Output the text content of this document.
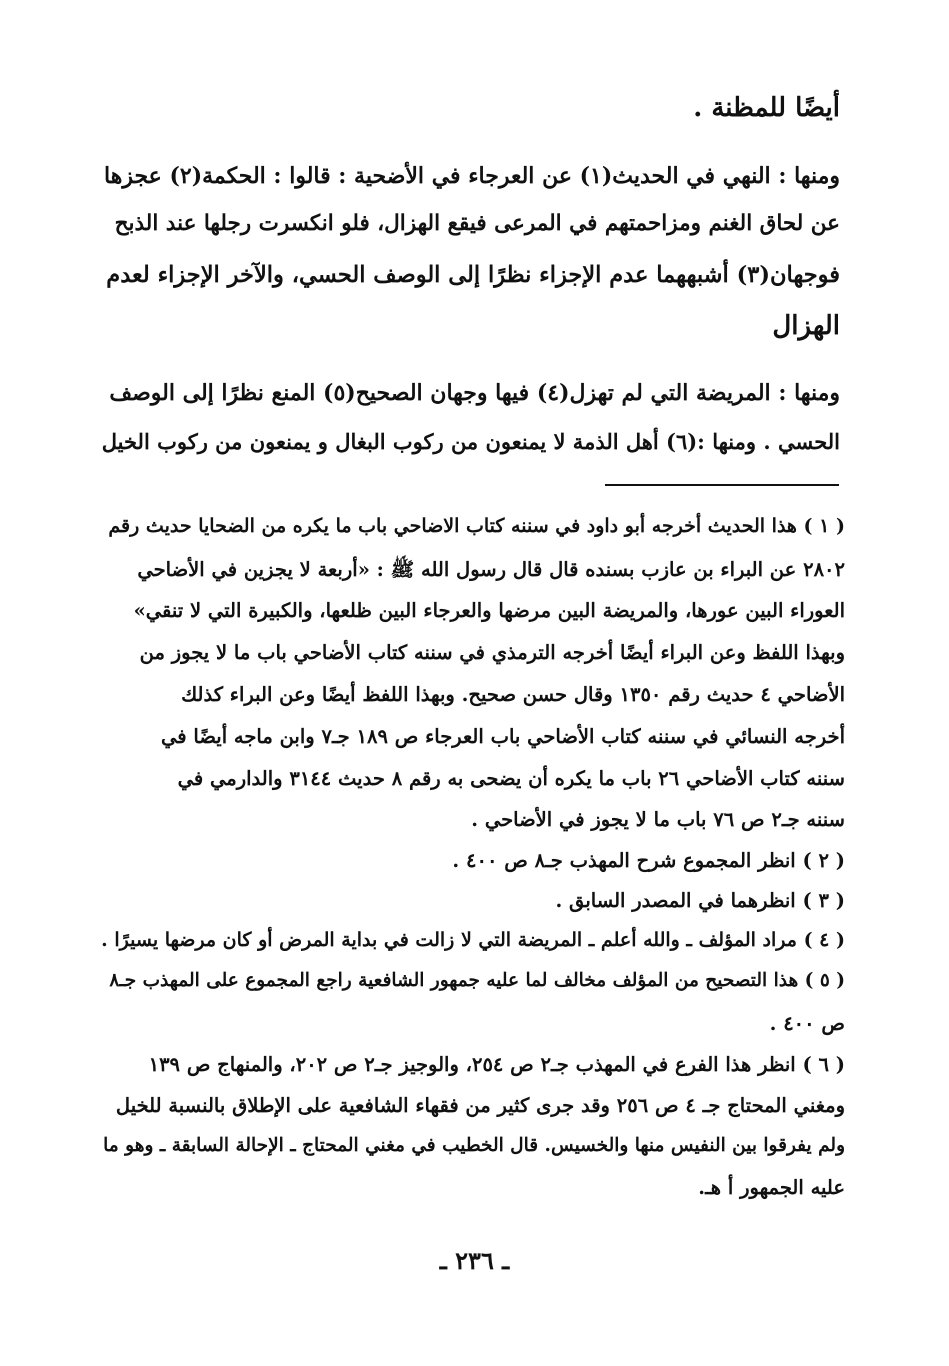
أيضًا للمظنة .
ومنها : النهي في الحديث(١) عن العرجاء في الأضحية : قالوا : الحكمة(٢) عجزها
عن لحاق الغنم ومزاحمتهم في المرعى فيقع الهزال، فلو انكسرت رجلها عند الذبح
فوجهان(٣) أشبههما عدم الإجزاء نظرًا إلى الوصف الحسي، والآخر الإجزاء لعدم
الهزال
ومنها : المريضة التي لم تهزل(٤) فيها وجهان الصحيح(٥) المنع نظرًا إلى الوصف
الحسي . ومنها :(٦) أهل الذمة لا يمنعون من ركوب البغال و يمنعون من ركوب الخيل
( ١ ) هذا الحديث أخرجه أبو داود في سننه كتاب الاضاحي باب ما يكره من الضحايا حديث رقم
٢٨٠٢ عن البراء بن عازب بسنده قال قال رسول الله ﷺ : «أربعة لا يجزين في الأضاحي
العوراء البين عورها، والمريضة البين مرضها والعرجاء البين ظلعها، والكبيرة التي لا تنقي»
وبهذا اللفظ وعن البراء أيضًا أخرجه الترمذي في سننه كتاب الأضاحي باب ما لا يجوز من
الأضاحي ٤ حديث رقم ١٣٥٠ وقال حسن صحيح. وبهذا اللفظ أيضًا وعن البراء كذلك
أخرجه النسائي في سننه كتاب الأضاحي باب العرجاء ص ١٨٩ جـ٧ وابن ماجه أيضًا في
سننه كتاب الأضاحي ٢٦ باب ما يكره أن يضحى به رقم ٨ حديث ٣١٤٤ والدارمي في
سننه جـ٢ ص ٧٦ باب ما لا يجوز في الأضاحي .
( ٢ ) انظر المجموع شرح المهذب جـ٨ ص ٤٠٠ .
( ٣ ) انظرهما في المصدر السابق .
( ٤ ) مراد المؤلف ـ والله أعلم ـ المريضة التي لا زالت في بداية المرض أو كان مرضها يسيرًا .
( ٥ ) هذا التصحيح من المؤلف مخالف لما عليه جمهور الشافعية راجع المجموع على المهذب جـ٨
ص ٤٠٠ .
( ٦ ) انظر هذا الفرع في المهذب جـ٢ ص ٢٥٤، والوجيز جـ٢ ص ٢٠٢، والمنهاج ص ١٣٩
ومغني المحتاج جـ ٤ ص ٢٥٦ وقد جرى كثير من فقهاء الشافعية على الإطلاق بالنسبة للخيل
ولم يفرقوا بين النفيس منها والخسيس. قال الخطيب في مغني المحتاج ـ الإحالة السابقة ـ وهو ما
عليه الجمهور أ هـ.
ـ ٢٣٦ ـ
